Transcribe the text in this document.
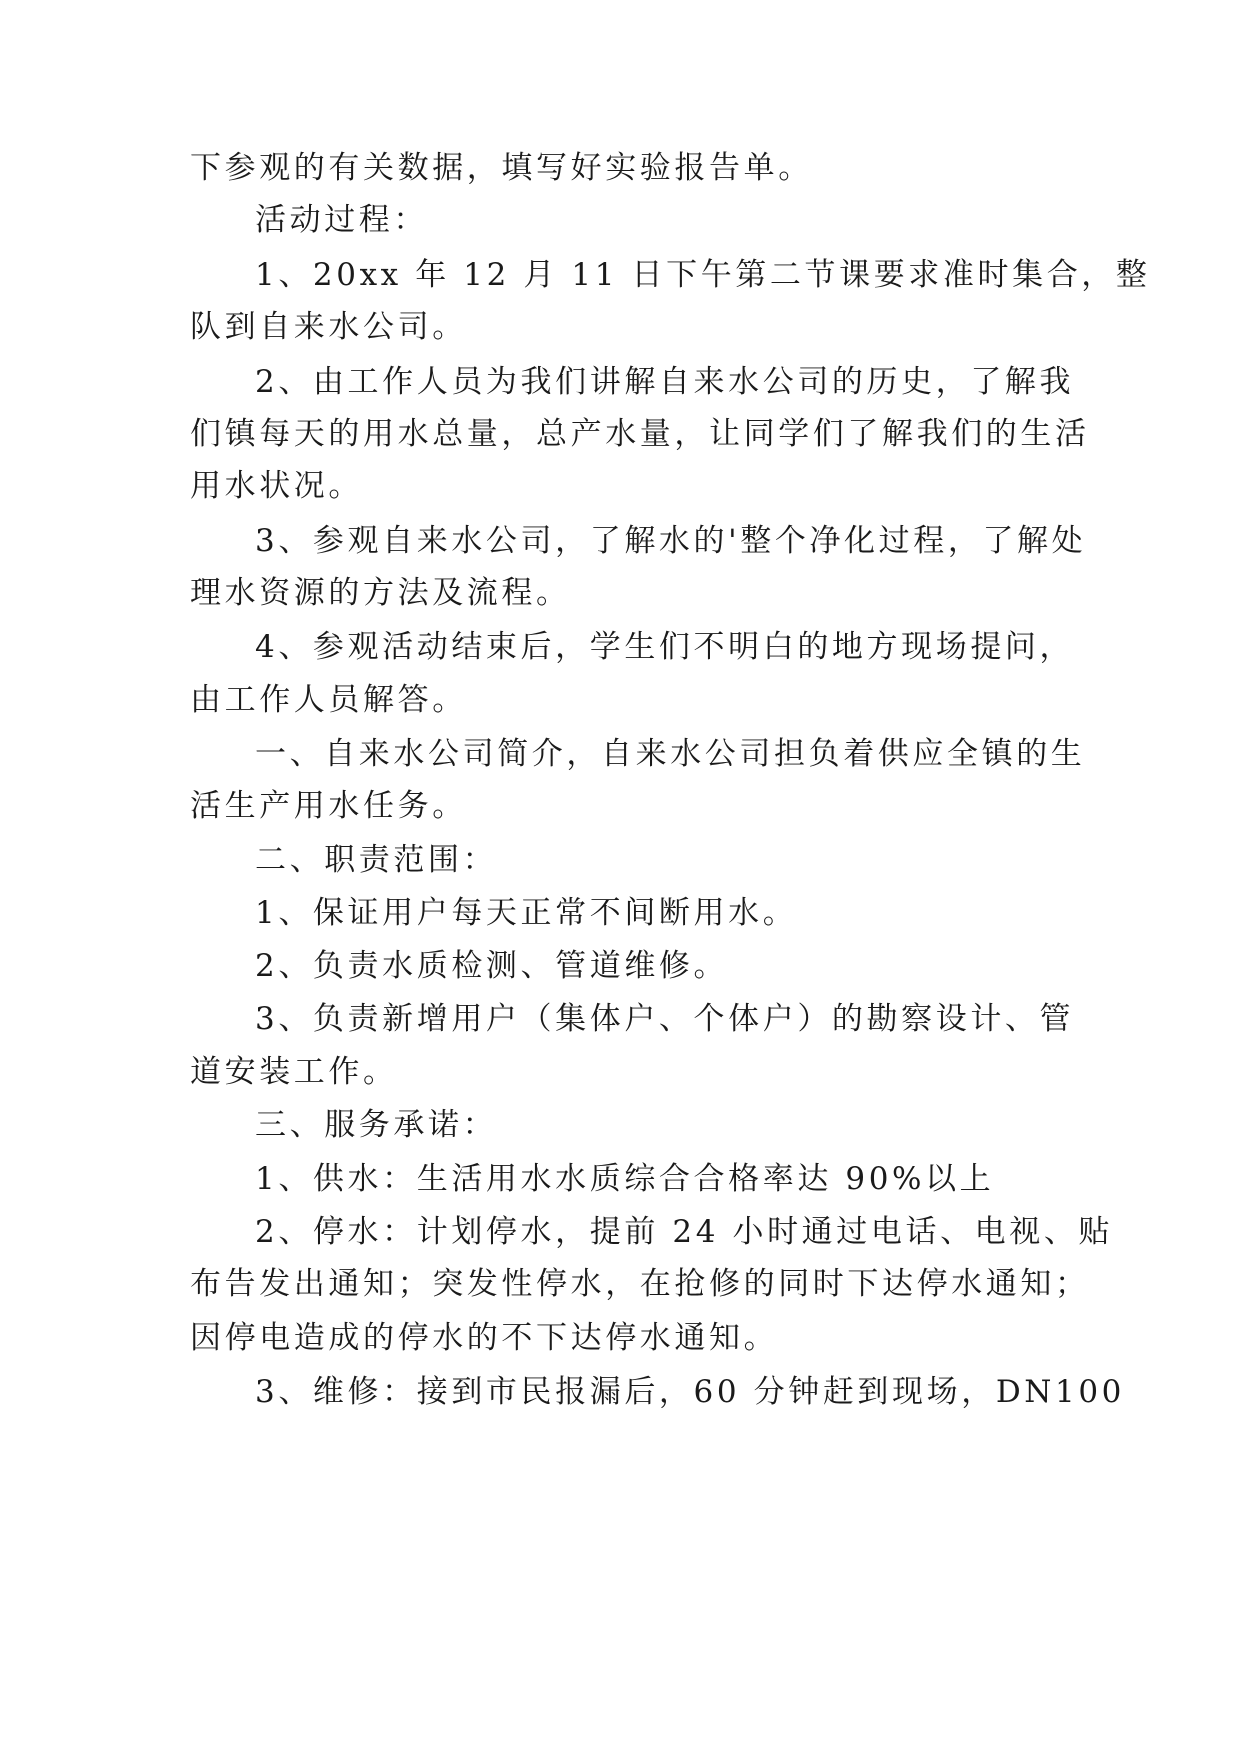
下参观的有关数据，填写好实验报告单。
活动过程：
1、20xx 年 12 月 11 日下午第二节课要求准时集合，整
队到自来水公司。
2、由工作人员为我们讲解自来水公司的历史，了解我
们镇每天的用水总量，总产水量，让同学们了解我们的生活
用水状况。
3、参观自来水公司，了解水的'整个净化过程，了解处
理水资源的方法及流程。
4、参观活动结束后，学生们不明白的地方现场提问，
由工作人员解答。
一、自来水公司简介，自来水公司担负着供应全镇的生
活生产用水任务。
二、职责范围：
1、保证用户每天正常不间断用水。
2、负责水质检测、管道维修。
3、负责新增用户（集体户、个体户）的勘察设计、管
道安装工作。
三、服务承诺：
1、供水：生活用水水质综合合格率达 90%以上
2、停水：计划停水，提前 24 小时通过电话、电视、贴
布告发出通知；突发性停水，在抢修的同时下达停水通知；
因停电造成的停水的不下达停水通知。
3、维修：接到市民报漏后，60 分钟赶到现场，DN100
